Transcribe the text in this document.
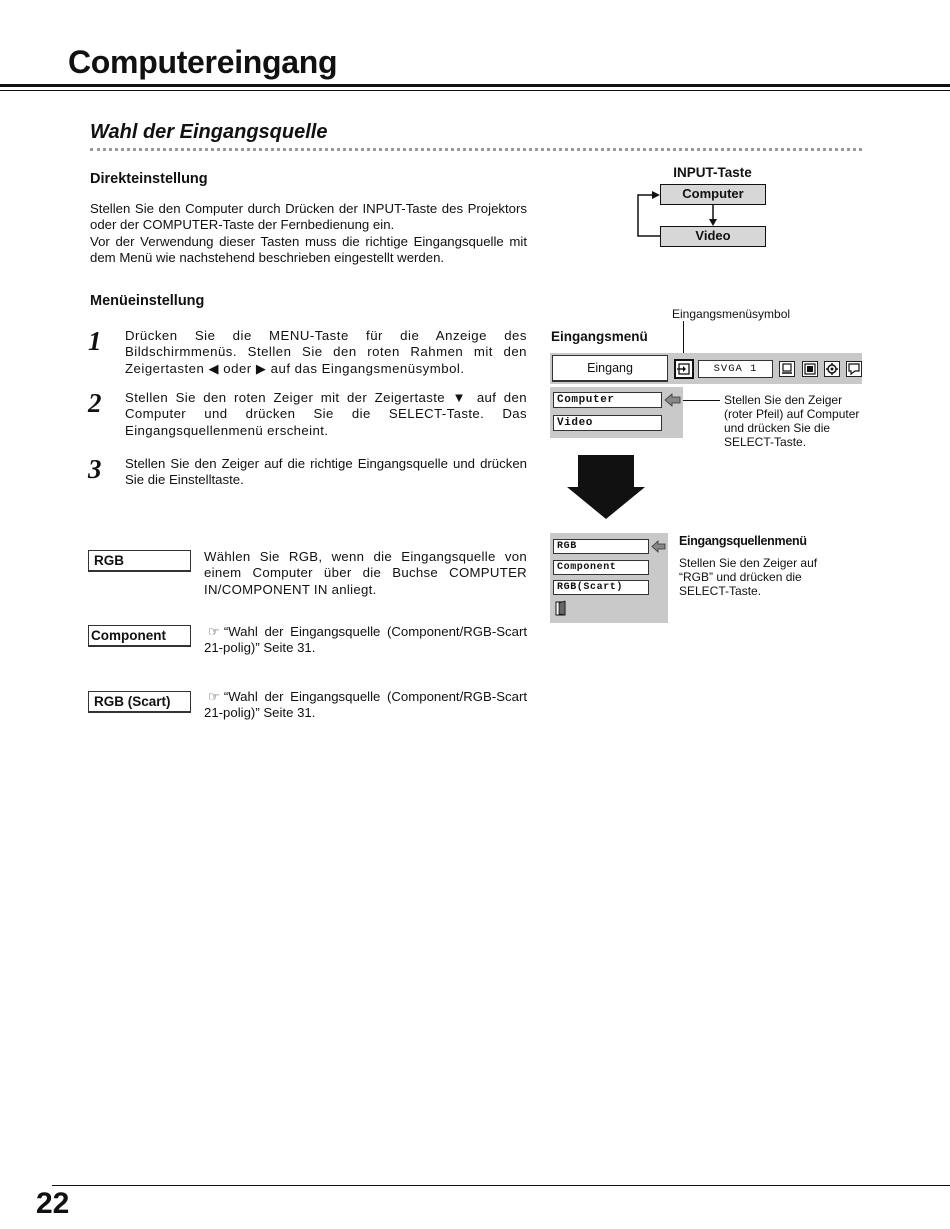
Computereingang
Wahl der Eingangsquelle
Direkteinstellung

Stellen Sie den Computer durch Drücken der INPUT-Taste des Projektors oder der COMPUTER-Taste der Fernbedienung ein.

Vor der Verwendung dieser Tasten muss die richtige Eingangsquelle mit dem Menü wie nachstehend beschrieben eingestellt werden.

INPUT-Taste
Computer
Video
Menüeinstellung
1 Drücken Sie die MENU-Taste für die Anzeige des Bildschirmmenüs. Stellen Sie den roten Rahmen mit den Zeigertasten ◀ oder ▶ auf das Eingangsmenüsymbol.
2 Stellen Sie den roten Zeiger mit der Zeigertaste ▼ auf den Computer und drücken Sie die SELECT-Taste. Das Eingangsquellenmenü erscheint.
3 Stellen Sie den Zeiger auf die richtige Eingangsquelle und drücken Sie die Einstelltaste.
RGB	Wählen Sie RGB, wenn die Eingangsquelle von einem Computer über die Buchse COMPUTER IN/COMPONENT IN anliegt.
Component	☞ “Wahl der Eingangsquelle (Component/RGB-Scart 21-polig)” Seite 31.
RGB (Scart)	☞ “Wahl der Eingangsquelle (Component/RGB-Scart 21-polig)” Seite 31.
Eingangsmenüsymbol
Eingangsmenü
Eingang	SVGA 1
Computer
Video
Stellen Sie den Zeiger (roter Pfeil) auf Computer und drücken Sie die SELECT-Taste.
RGB
Component
RGB(Scart)
Eingangsquellenmenü
Stellen Sie den Zeiger auf “RGB” und drücken die SELECT-Taste.
22
